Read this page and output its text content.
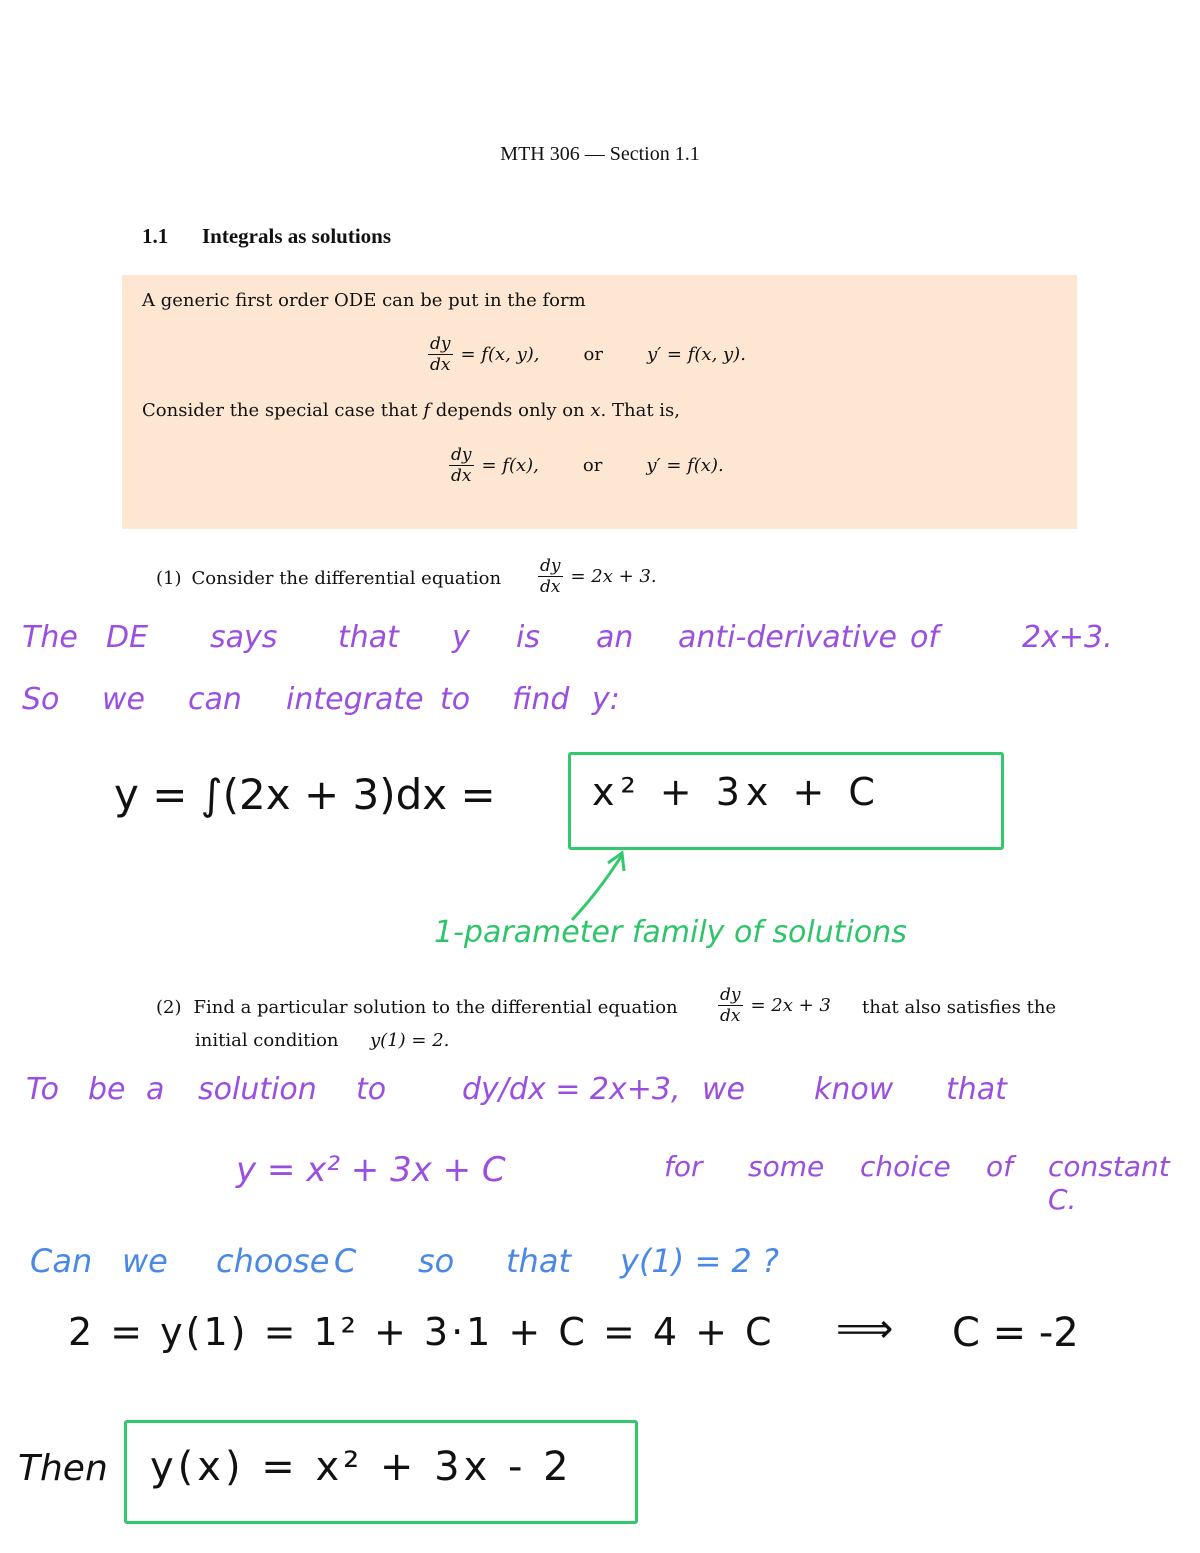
MTH 306 — Section 1.1
1.1 Integrals as solutions
A generic first order ODE can be put in the form
$\frac{dy}{dx} = f(x$, y), or y′ = f(x, y).
Consider the special case that f depends only on x. That is,
$\frac{dy}{dx} = f(x)$, or y′ = f(x).
(1) Consider the differential equation $\frac{dy}{dx} = 2x + 3$.
The DE says that y is an anti-derivative of	2x+3.
So we can integrate to find y:
y = ∫(2x + 3)dx =	x² + 3x + C
1-parameter family of solutions
(2) Find a particular solution to the differential equation $\frac{dy}{dx} = 2x + 3$ that also satisfies the
initial condition y(1) = 2.
To be a solution to	dy/dx = 2x+3, we know that
y = x² + 3x + C	for some choice of constant C.
Can we choose C so that y(1) = 2 ?
2 = y(1) = 1² + 3·1 + C = 4 + C ⟹ C = -2
Then y(x) = x² + 3x - 2
